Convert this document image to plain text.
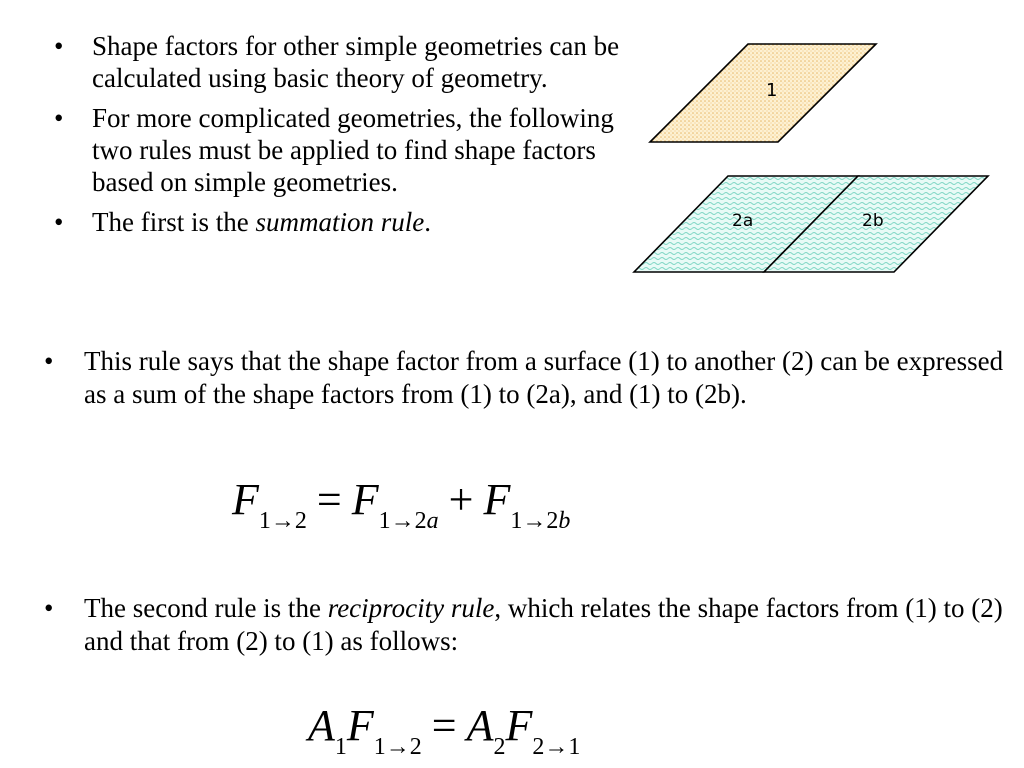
• Shape factors for other simple geometries can be calculated using basic theory of geometry.
• For more complicated geometries, the following two rules must be applied to find shape factors based on simple geometries.
• The first is the summation rule.
1
2a	2b
• This rule says that the shape factor from a surface (1) to another (2) can be expressed as a sum of the shape factors from (1) to (2a), and (1) to (2b).
$F_{1\to 2} = F_{1\to 2a} + F_{1\to 2b}$
• The second rule is the reciprocity rule, which relates the shape factors from (1) to (2) and that from (2) to (1) as follows:
$A_1F_{1\to 2} = A_2F_{2\to 1}$
